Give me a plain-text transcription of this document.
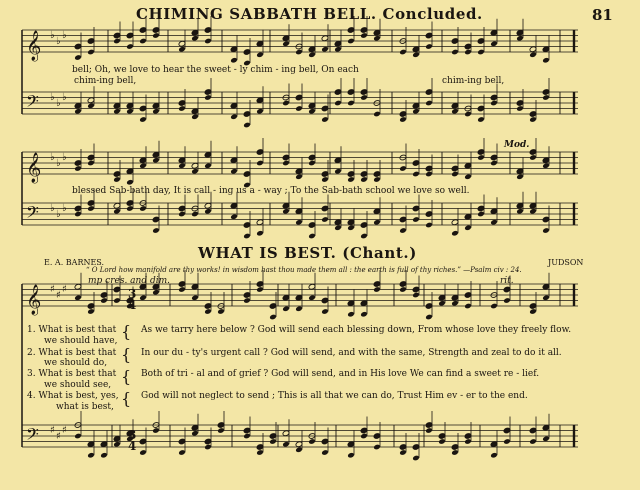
CHIMING SABBATH BELL. Concluded.	81
𝄞 ♭
♭
♭
𝄢 ♭
♭
♭
𝄞 ♭
♭
♭
𝄢 ♭
♭
♭
𝄞 ♯
♯
♯
𝄢 ♯
♯
♯
3
4
3
4
bell; Oh, we love to hear the sweet - ly chim - ing bell, On each
chim-ing bell,	chim-ing bell,
Mod.
blessed Sab-bath day, It is call - ing us a - way ; To the Sab-bath school we love so well.
WHAT IS BEST. (Chant.)
E. A. BARNES.	JUDSON
“ O Lord how manifold are thy works! in wisdom hast thou made them all : the earth is full of thy riches.” —Psalm civ : 24.
mp cres. and dim.	rit.
1. What is best that
we should have, { As we tarry here below ? God will send each blessing down, From whose love they freely flow.
2. What is best that
we should do, { In our du - ty's urgent call ? God will send, and with the same, Strength and zeal to do it all.
3. What is best that
we should see, { Both of tri - al and of grief ? God will send, and in His love We can find a sweet re - lief.
4. What is best, yes,
what is best, { God will not neglect to send ; This is all that we can do, Trust Him ev - er to the end.
